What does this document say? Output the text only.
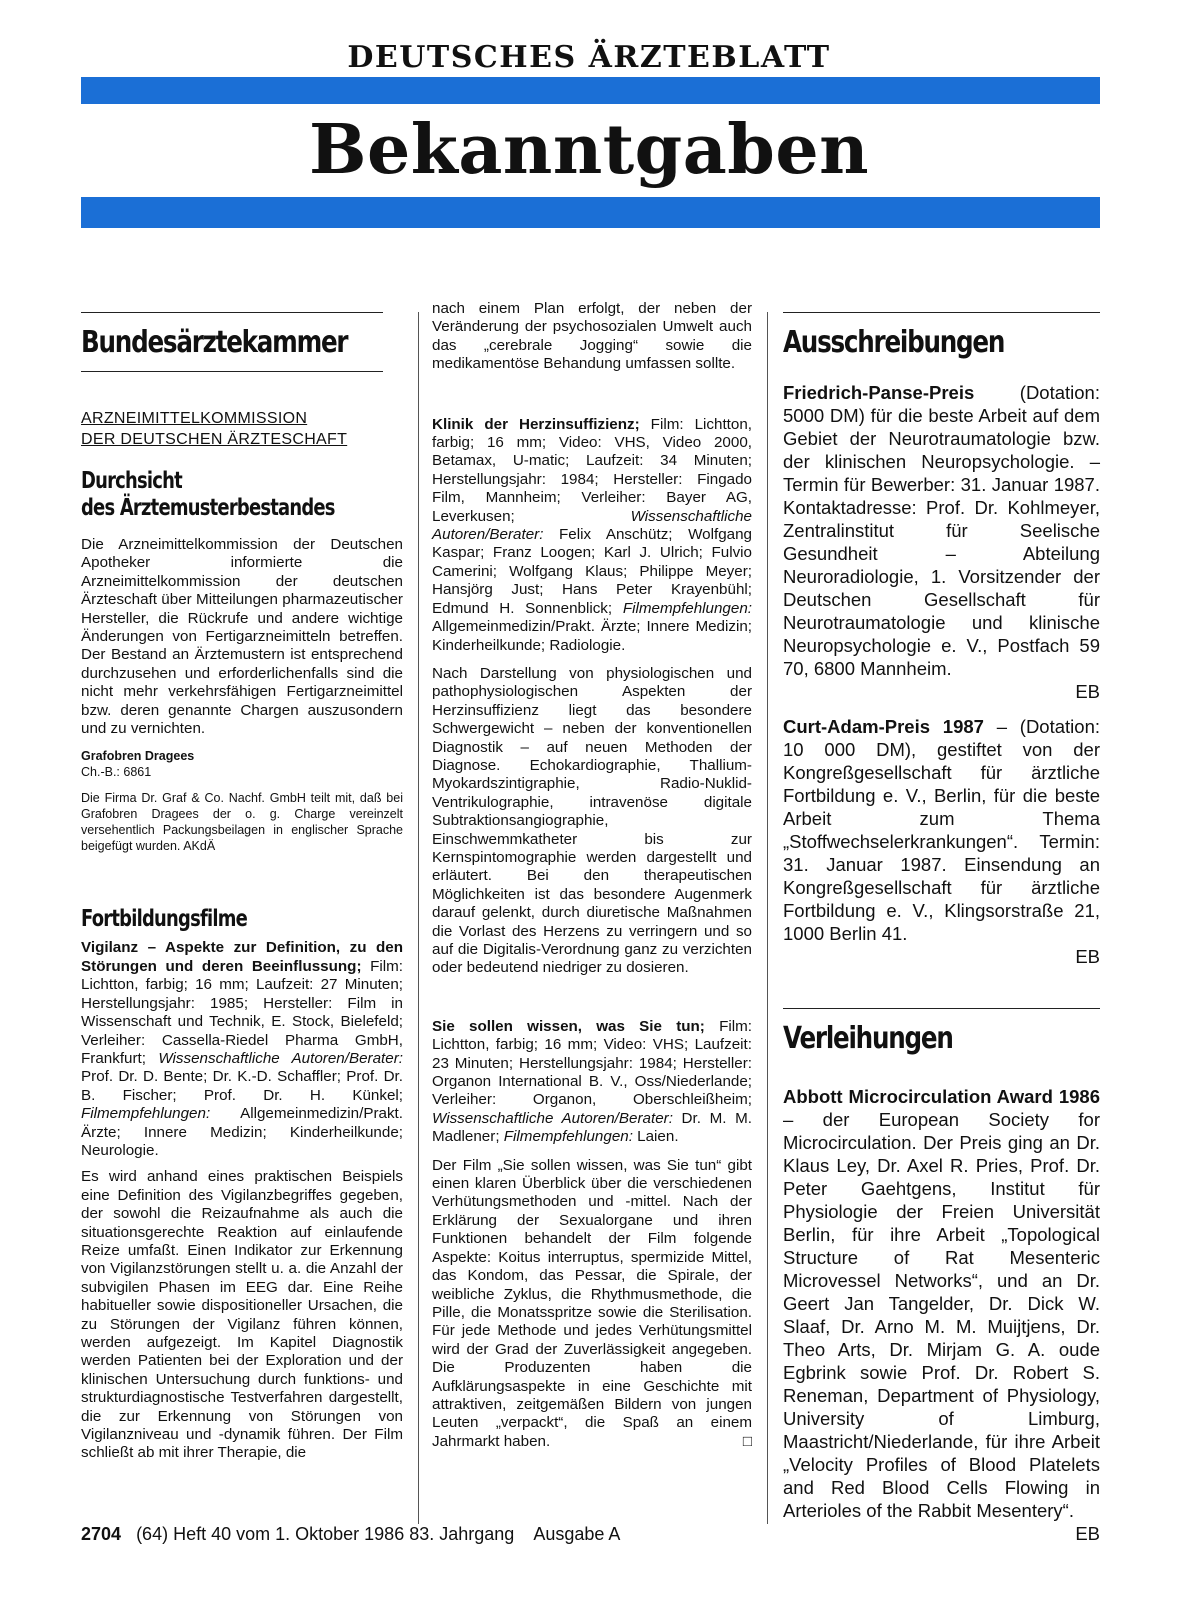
DEUTSCHES ÄRZTEBLATT
Bekanntgaben
Bundesärztekammer
ARZNEIMITTELKOMMISSION
DER DEUTSCHEN ÄRZTESCHAFT
Durchsicht
des Ärztemusterbestandes

Die Arzneimittelkommission der Deutschen Apotheker informierte die Arzneimittelkommission der deutschen Ärzteschaft über Mitteilungen pharmazeutischer Hersteller, die Rückrufe und andere wichtige Änderungen von Fertigarzneimitteln betreffen. Der Bestand an Ärztemustern ist entsprechend durchzusehen und erforderlichenfalls sind die nicht mehr verkehrsfähigen Fertigarzneimittel bzw. deren genannte Chargen auszusondern und zu vernichten.

Grafobren Dragees
Ch.-B.: 6861

Die Firma Dr. Graf & Co. Nachf. GmbH teilt mit, daß bei Grafobren Dragees der o. g. Charge vereinzelt versehentlich Packungsbeilagen in englischer Sprache beigefügt wurden. AKdÄ

Fortbildungsfilme

Vigilanz – Aspekte zur Definition, zu den Störungen und deren Beeinflussung; Film: Lichtton, farbig; 16 mm; Laufzeit: 27 Minuten; Herstellungsjahr: 1985; Hersteller: Film in Wissenschaft und Technik, E. Stock, Bielefeld; Verleiher: Cassella-Riedel Pharma GmbH, Frankfurt; Wissenschaftliche Autoren/Berater: Prof. Dr. D. Bente; Dr. K.-D. Schaffler; Prof. Dr. B. Fischer; Prof. Dr. H. Künkel; Filmempfehlungen: Allgemeinmedizin/Prakt. Ärzte; Innere Medizin; Kinderheilkunde; Neurologie.

Es wird anhand eines praktischen Beispiels eine Definition des Vigilanzbegriffes gegeben, der sowohl die Reizaufnahme als auch die situationsgerechte Reaktion auf einlaufende Reize umfaßt. Einen Indikator zur Erkennung von Vigilanzstörungen stellt u. a. die Anzahl der subvigilen Phasen im EEG dar. Eine Reihe habitueller sowie dispositioneller Ursachen, die zu Störungen der Vigilanz führen können, werden aufgezeigt. Im Kapitel Diagnostik werden Patienten bei der Exploration und der klinischen Untersuchung durch funktions- und strukturdiagnostische Testverfahren dargestellt, die zur Erkennung von Störungen von Vigilanzniveau und -dynamik führen. Der Film schließt ab mit ihrer Therapie, die

nach einem Plan erfolgt, der neben der Veränderung der psychosozialen Umwelt auch das „cerebrale Jogging“ sowie die medikamentöse Behandung umfassen sollte.

Klinik der Herzinsuffizienz; Film: Lichtton, farbig; 16 mm; Video: VHS, Video 2000, Betamax, U-matic; Laufzeit: 34 Minuten; Herstellungsjahr: 1984; Hersteller: Fingado Film, Mannheim; Verleiher: Bayer AG, Leverkusen; Wissenschaftliche Autoren/Berater: Felix Anschütz; Wolfgang Kaspar; Franz Loogen; Karl J. Ulrich; Fulvio Camerini; Wolfgang Klaus; Philippe Meyer; Hansjörg Just; Hans Peter Krayenbühl; Edmund H. Sonnenblick; Filmempfehlungen: Allgemeinmedizin/Prakt. Ärzte; Innere Medizin; Kinderheilkunde; Radiologie.

Nach Darstellung von physiologischen und pathophysiologischen Aspekten der Herzinsuffizienz liegt das besondere Schwergewicht – neben der konventionellen Diagnostik – auf neuen Methoden der Diagnose. Echokardiographie, Thallium-Myokardszintigraphie, Radio-Nuklid-Ventrikulographie, intravenöse digitale Subtraktionsangiographie, Einschwemmkatheter bis zur Kernspintomographie werden dargestellt und erläutert. Bei den therapeutischen Möglichkeiten ist das besondere Augenmerk darauf gelenkt, durch diuretische Maßnahmen die Vorlast des Herzens zu verringern und so auf die Digitalis-Verordnung ganz zu verzichten oder bedeutend niedriger zu dosieren.

Sie sollen wissen, was Sie tun; Film: Lichtton, farbig; 16 mm; Video: VHS; Laufzeit: 23 Minuten; Herstellungsjahr: 1984; Hersteller: Organon International B. V., Oss/Niederlande; Verleiher: Organon, Oberschleißheim; Wissenschaftliche Autoren/Berater: Dr. M. M. Madlener; Filmempfehlungen: Laien.

Der Film „Sie sollen wissen, was Sie tun“ gibt einen klaren Überblick über die verschiedenen Verhütungsmethoden und -mittel. Nach der Erklärung der Sexualorgane und ihren Funktionen behandelt der Film folgende Aspekte: Koitus interruptus, spermizide Mittel, das Kondom, das Pessar, die Spirale, der weibliche Zyklus, die Rhythmusmethode, die Pille, die Monatsspritze sowie die Sterilisation. Für jede Methode und jedes Verhütungsmittel wird der Grad der Zuverlässigkeit angegeben. Die Produzenten haben die Aufklärungsaspekte in eine Geschichte mit attraktiven, zeitgemäßen Bildern von jungen Leuten „verpackt“, die Spaß an einem Jahrmarkt haben.	□

Ausschreibungen

Friedrich-Panse-Preis (Dotation: 5000 DM) für die beste Arbeit auf dem Gebiet der Neurotraumatologie bzw. der klinischen Neuropsychologie. – Termin für Bewerber: 31. Januar 1987. Kontaktadresse: Prof. Dr. Kohlmeyer, Zentralinstitut für Seelische Gesundheit – Abteilung Neuroradiologie, 1. Vorsitzender der Deutschen Gesellschaft für Neurotraumatologie und klinische Neuropsychologie e. V., Postfach 59 70, 6800 Mannheim.
EB

Curt-Adam-Preis 1987 – (Dotation: 10 000 DM), gestiftet von der Kongreßgesellschaft für ärztliche Fortbildung e. V., Berlin, für die beste Arbeit zum Thema „Stoffwechselerkrankungen“. Termin: 31. Januar 1987. Einsendung an Kongreßgesellschaft für ärztliche Fortbildung e. V., Klingsorstraße 21, 1000 Berlin 41.
EB

Verleihungen

Abbott Microcirculation Award 1986 – der European Society for Microcirculation. Der Preis ging an Dr. Klaus Ley, Dr. Axel R. Pries, Prof. Dr. Peter Gaehtgens, Institut für Physiologie der Freien Universität Berlin, für ihre Arbeit „Topological Structure of Rat Mesenteric Microvessel Networks“, und an Dr. Geert Jan Tangelder, Dr. Dick W. Slaaf, Dr. Arno M. M. Muijtjens, Dr. Theo Arts, Dr. Mirjam G. A. oude Egbrink sowie Prof. Dr. Robert S. Reneman, Department of Physiology, University of Limburg, Maastricht/Niederlande, für ihre Arbeit „Velocity Profiles of Blood Platelets and Red Blood Cells Flowing in Arterioles of the Rabbit Mesentery“.
EB

2704 (64) Heft 40 vom 1. Oktober 1986 83. Jahrgang Ausgabe A
